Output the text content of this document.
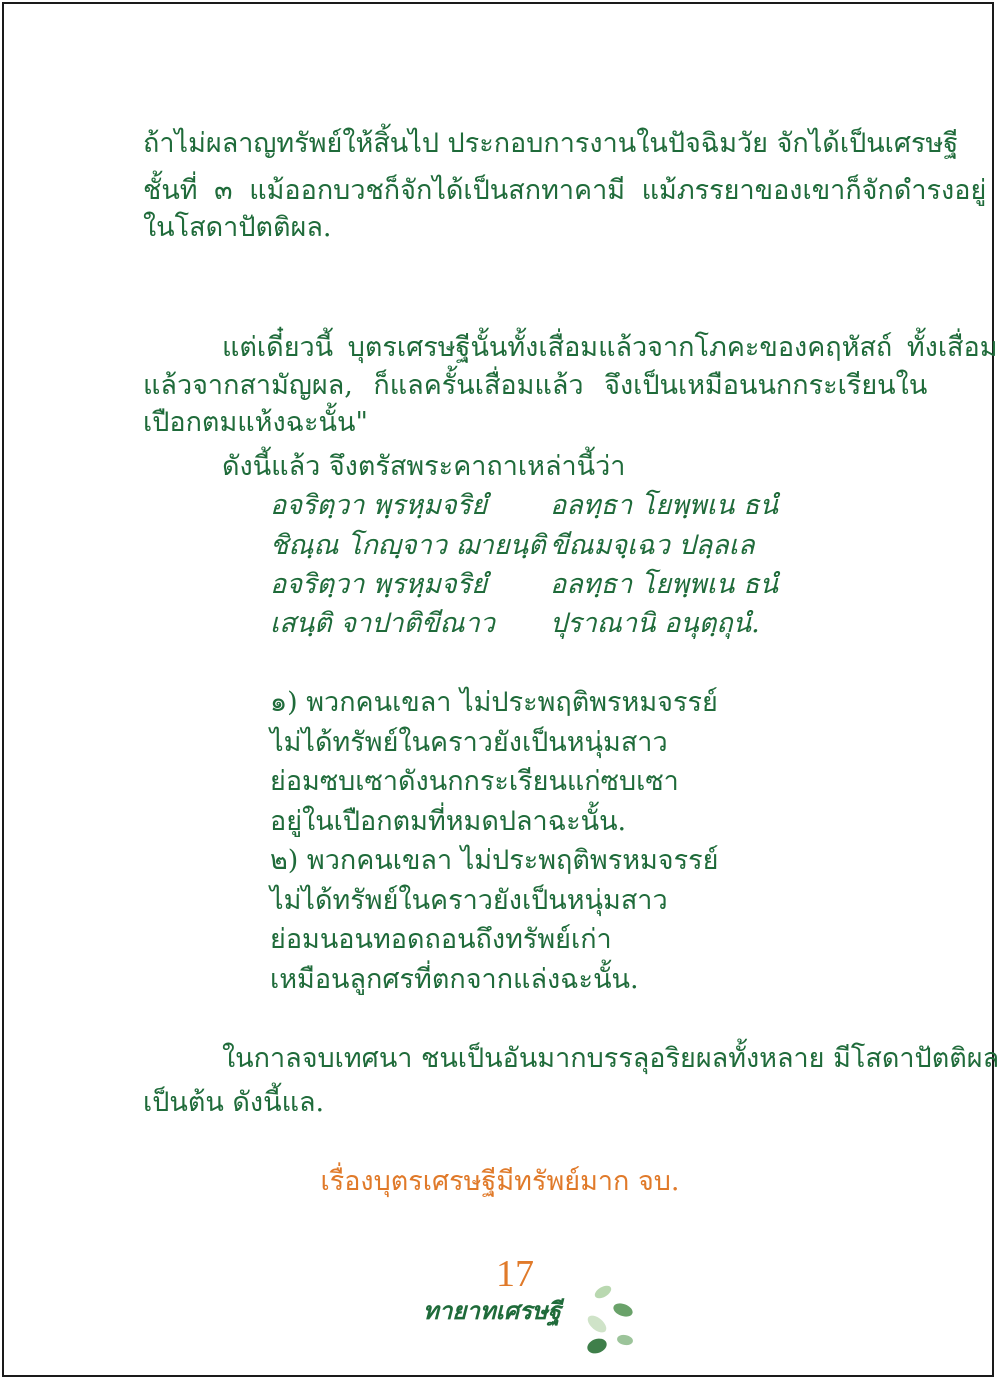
ถ้าไม่ผลาญทรัพย์ให้สิ้นไป ประกอบการงานในปัจฉิมวัย จักได้เป็นเศรษฐี
ชั้นที่ ๓ แม้ออกบวชก็จักได้เป็นสกทาคามี แม้ภรรยาของเขาก็จักดำรงอยู่
ในโสดาปัตติผล.
แต่เดี๋ยวนี้ บุตรเศรษฐีนั้นทั้งเสื่อมแล้วจากโภคะของคฤหัสถ์ ทั้งเสื่อม
แล้วจากสามัญผล, ก็แลครั้นเสื่อมแล้ว จึงเป็นเหมือนนกกระเรียนใน
เปือกตมแห้งฉะนั้น"
ดังนี้แล้ว จึงตรัสพระคาถาเหล่านี้ว่า
อจริตฺวา พฺรหฺมจริยํ อลทฺธา โยพฺพเน ธนํ
ชิณฺณ โกญฺจาว ฌายนฺติ ขีณมจฺเฉว ปลฺลเล
อจริตฺวา พฺรหฺมจริยํ อลทฺธา โยพฺพเน ธนํ
เสนฺติ จาปาติขีณาว ปุราณานิ อนุตฺถุนํ.
๑) พวกคนเขลา ไม่ประพฤติพรหมจรรย์
ไม่ได้ทรัพย์ในคราวยังเป็นหนุ่มสาว
ย่อมซบเซาดังนกกระเรียนแก่ซบเซา
อยู่ในเปือกตมที่หมดปลาฉะนั้น.
๒) พวกคนเขลา ไม่ประพฤติพรหมจรรย์
ไม่ได้ทรัพย์ในคราวยังเป็นหนุ่มสาว
ย่อมนอนทอดถอนถึงทรัพย์เก่า
เหมือนลูกศรที่ตกจากแล่งฉะนั้น.
ในกาลจบเทศนา ชนเป็นอันมากบรรลุอริยผลทั้งหลาย มีโสดาปัตติผล
เป็นต้น ดังนี้แล.
เรื่องบุตรเศรษฐีมีทรัพย์มาก จบ.
17
ทายาทเศรษฐี
